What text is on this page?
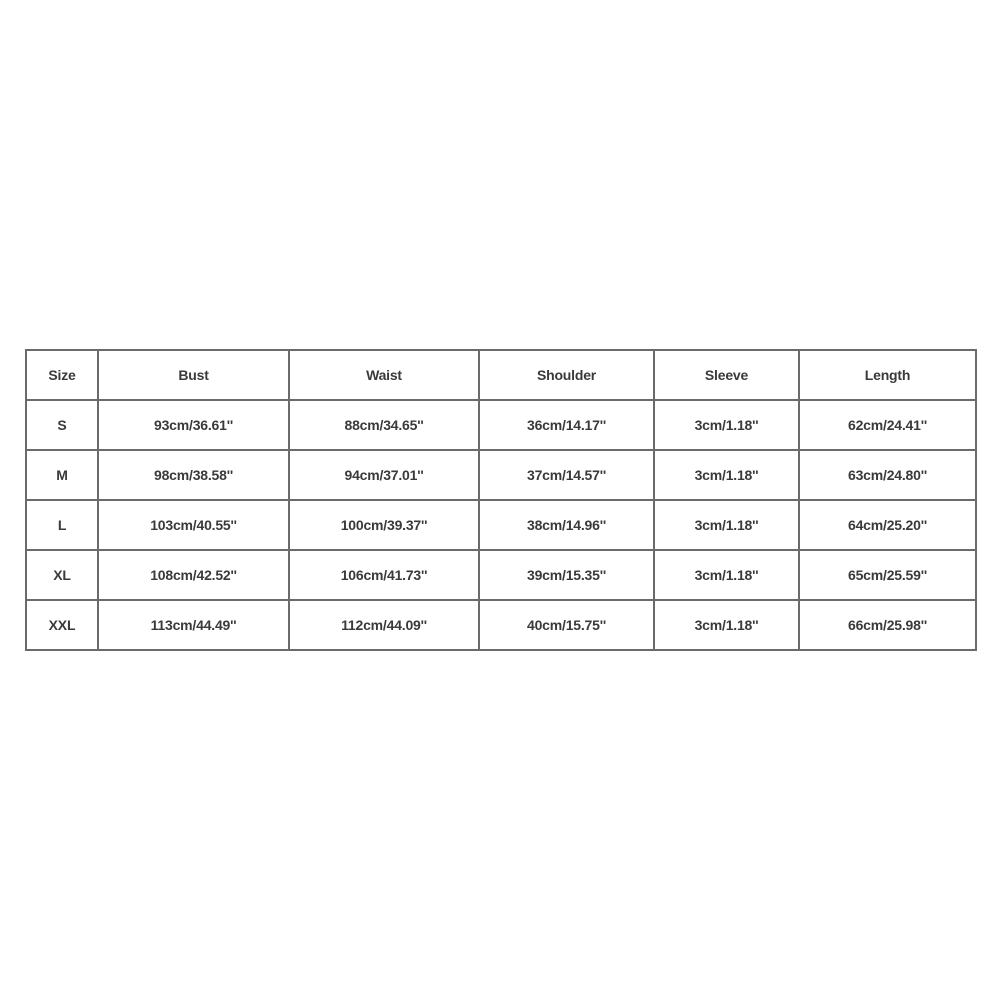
Size	Bust	Waist	Shoulder	Sleeve	Length
S	93cm/36.61''	88cm/34.65''	36cm/14.17''	3cm/1.18''	62cm/24.41''
M	98cm/38.58''	94cm/37.01''	37cm/14.57''	3cm/1.18''	63cm/24.80''
L	103cm/40.55''	100cm/39.37''	38cm/14.96''	3cm/1.18''	64cm/25.20''
XL	108cm/42.52''	106cm/41.73''	39cm/15.35''	3cm/1.18''	65cm/25.59''
XXL	113cm/44.49''	112cm/44.09''	40cm/15.75''	3cm/1.18''	66cm/25.98''
